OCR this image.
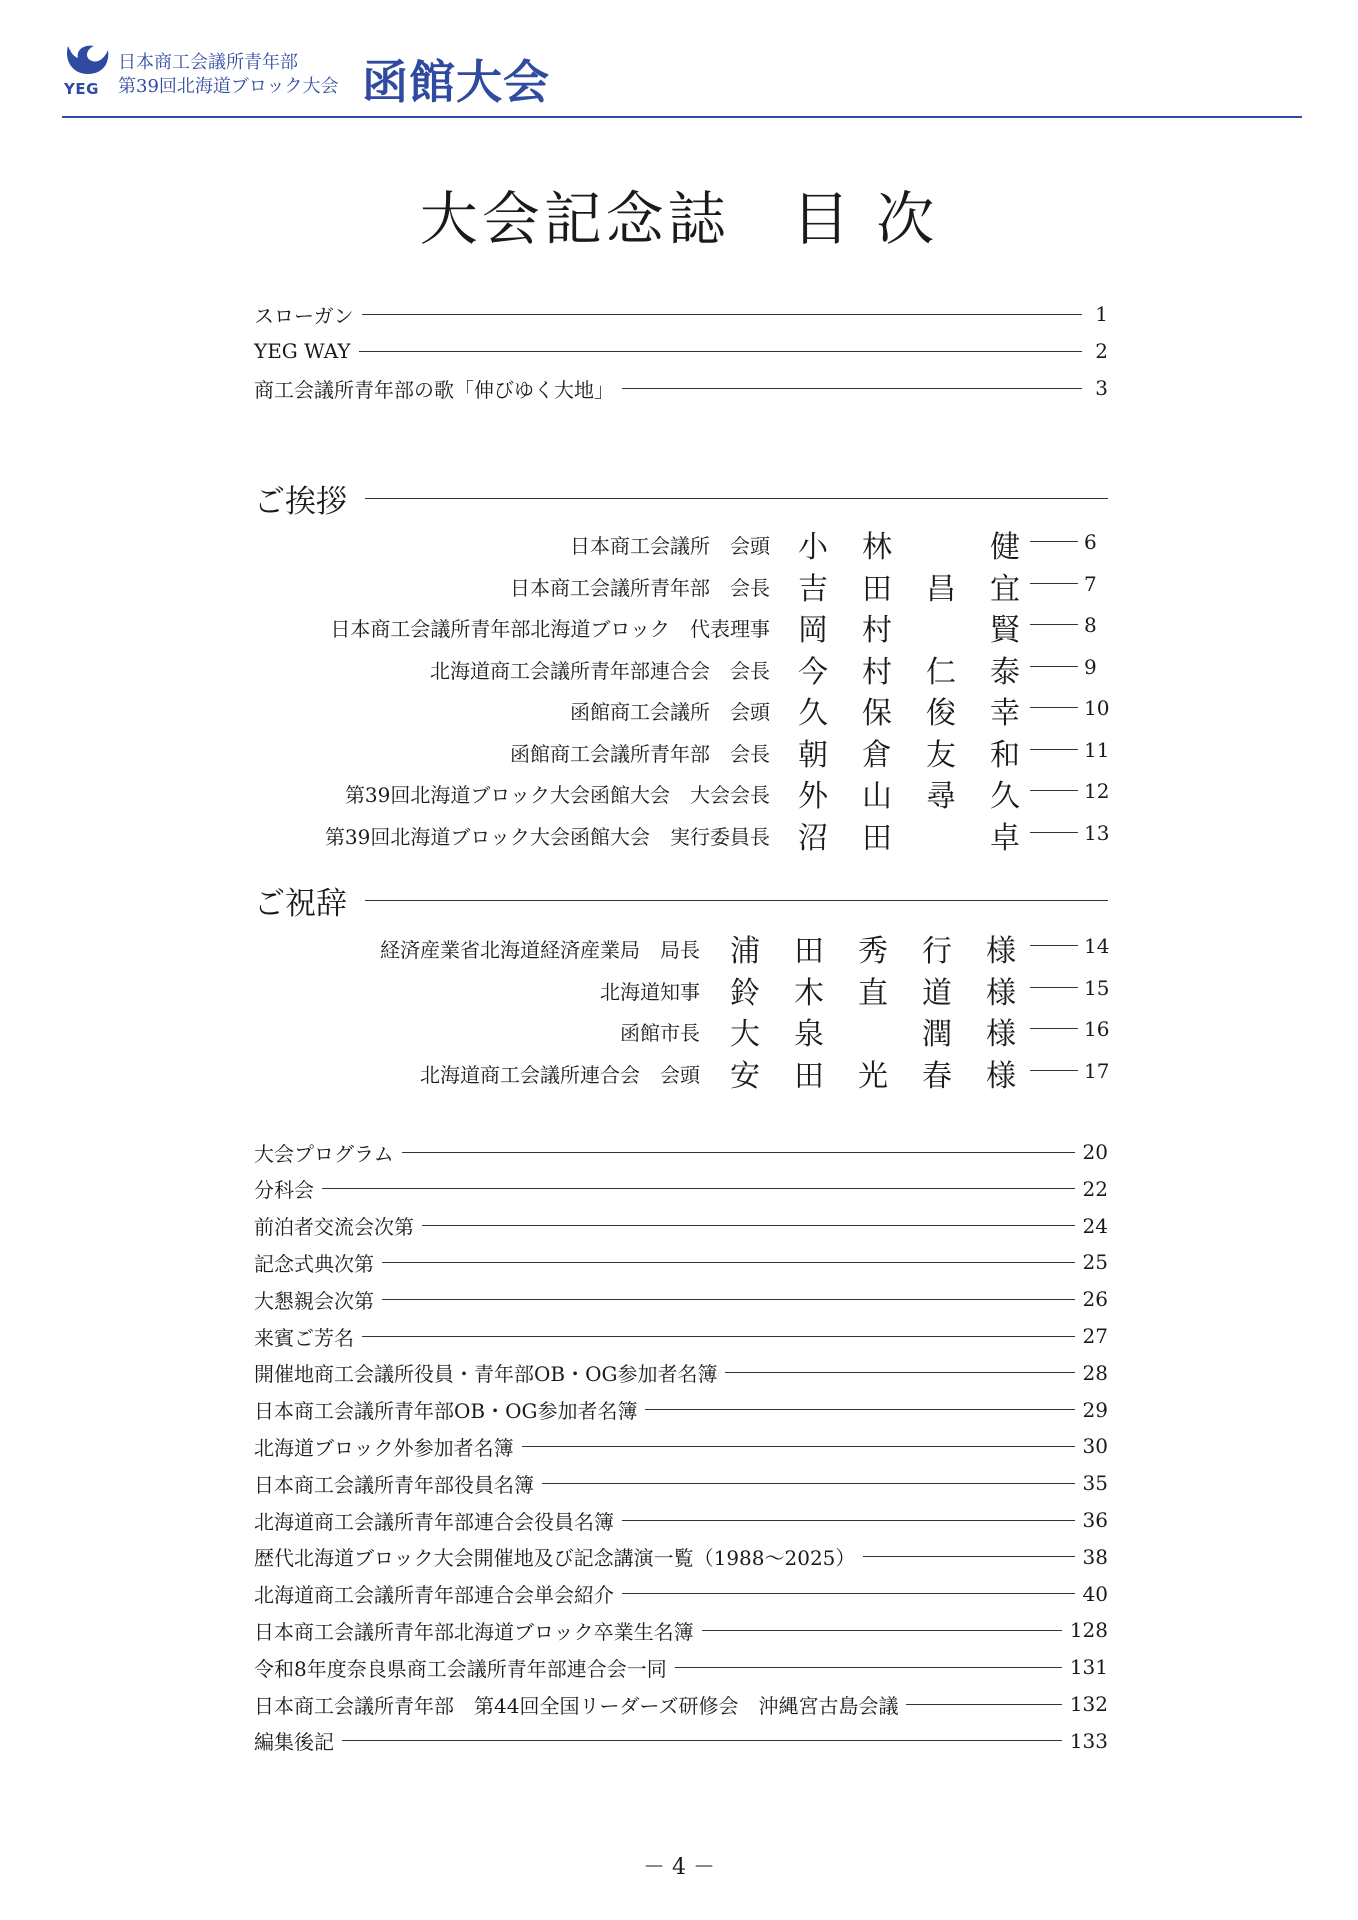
YEG
日本商工会議所青年部
第39回北海道ブロック大会 函館大会
大会記念誌　目 次
スローガン	1
YEG WAY	2
商工会議所青年部の歌「伸びゆく大地」	3
ご挨拶
日本商工会議所　会頭 小 林	健	6
日本商工会議所青年部　会長 吉 田 昌 宜	7
日本商工会議所青年部北海道ブロック　代表理事 岡 村	賢	8
北海道商工会議所青年部連合会　会長 今 村 仁 泰	9
函館商工会議所　会頭 久 保 俊 幸	10
函館商工会議所青年部　会長 朝 倉 友 和	11
第39回北海道ブロック大会函館大会　大会会長 外 山 尋 久	12
第39回北海道ブロック大会函館大会　実行委員長 沼 田	卓	13
ご祝辞
経済産業省北海道経済産業局　局長 浦 田 秀 行 様	14
北海道知事 鈴 木 直 道 様	15
函館市長 大 泉	潤 様	16
北海道商工会議所連合会　会頭 安 田 光 春 様	17
大会プログラム	20
分科会	22
前泊者交流会次第	24
記念式典次第	25
大懇親会次第	26
来賓ご芳名	27
開催地商工会議所役員・青年部OB・OG参加者名簿	28
日本商工会議所青年部OB・OG参加者名簿	29
北海道ブロック外参加者名簿	30
日本商工会議所青年部役員名簿	35
北海道商工会議所青年部連合会役員名簿	36
歴代北海道ブロック大会開催地及び記念講演一覧（1988～2025）	38
北海道商工会議所青年部連合会単会紹介	40
日本商工会議所青年部北海道ブロック卒業生名簿	128
令和8年度奈良県商工会議所青年部連合会一同	131
日本商工会議所青年部　第44回全国リーダーズ研修会　沖縄宮古島会議	132
編集後記	133
－ 4 －
